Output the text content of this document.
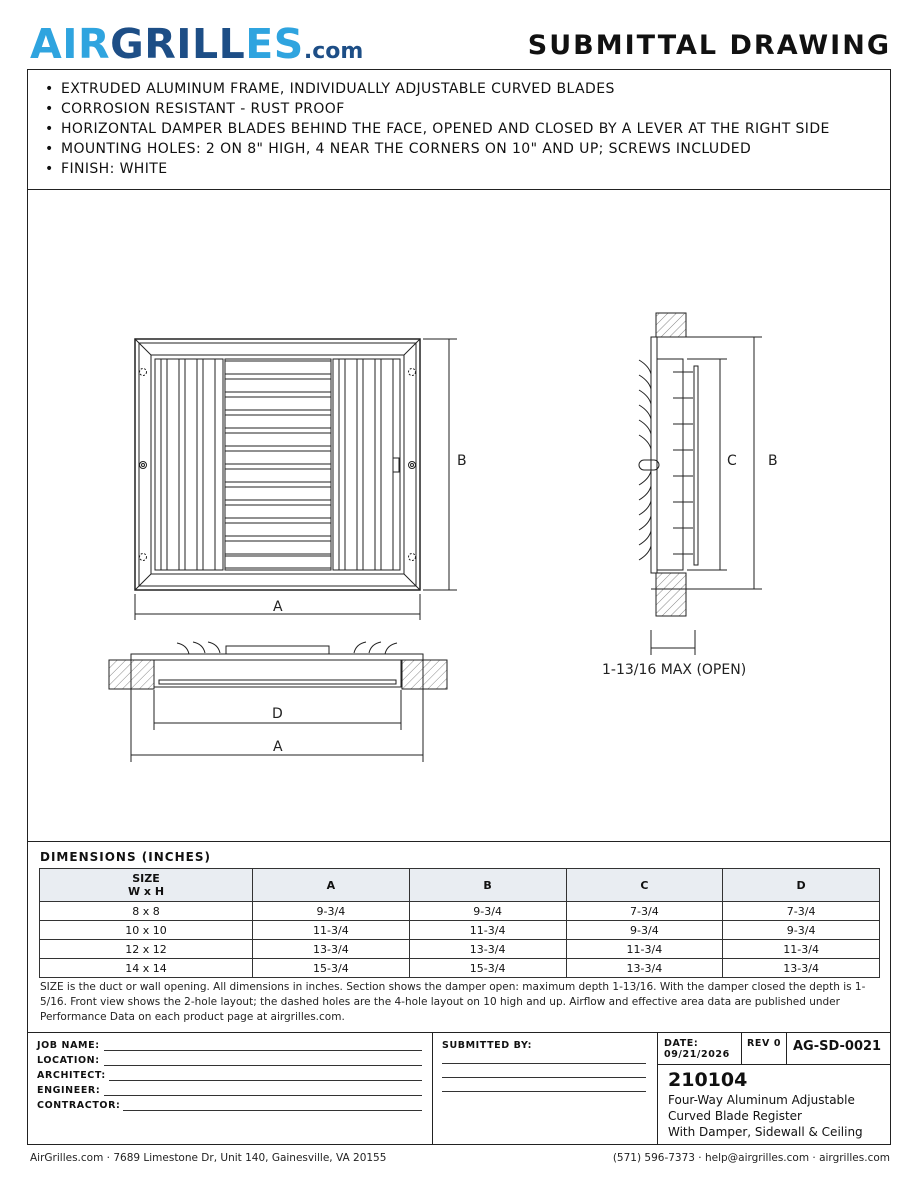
AIRGRILLES.com	SUBMITTAL DRAWING
• EXTRUDED ALUMINUM FRAME, INDIVIDUALLY ADJUSTABLE CURVED BLADES
• CORROSION RESISTANT - RUST PROOF
• HORIZONTAL DAMPER BLADES BEHIND THE FACE, OPENED AND CLOSED BY A LEVER AT THE RIGHT SIDE
• MOUNTING HOLES: 2 ON 8" HIGH, 4 NEAR THE CORNERS ON 10" AND UP; SCREWS INCLUDED
• FINISH: WHITE
B
A
C B
1-13/16 MAX (OPEN)
D
A
DIMENSIONS (INCHES)
SIZE
W x H	A	B	C	D
8 x 8	9-3/4	9-3/4	7-3/4	7-3/4
10 x 10	11-3/4	11-3/4	9-3/4	9-3/4
12 x 12	13-3/4	13-3/4	11-3/4	11-3/4
14 x 14	15-3/4	15-3/4	13-3/4	13-3/4
SIZE is the duct or wall opening. All dimensions in inches. Section shows the damper open: maximum depth 1-13/16. With the damper closed the depth is 1-5/16. Front view shows the 2-hole layout; the dashed holes are the 4-hole layout on 10 high and up. Airflow and effective area data are published under Performance Data on each product page at airgrilles.com.
JOB NAME:
LOCATION:
ARCHITECT:
ENGINEER:
CONTRACTOR:
SUBMITTED BY:	DATE:
09/21/2026
REV 0 AG-SD-0021
210104
Four-Way Aluminum Adjustable
Curved Blade Register
With Damper, Sidewall & Ceiling
AirGrilles.com · 7689 Limestone Dr, Unit 140, Gainesville, VA 20155	(571) 596-7373 · help@airgrilles.com · airgrilles.com
